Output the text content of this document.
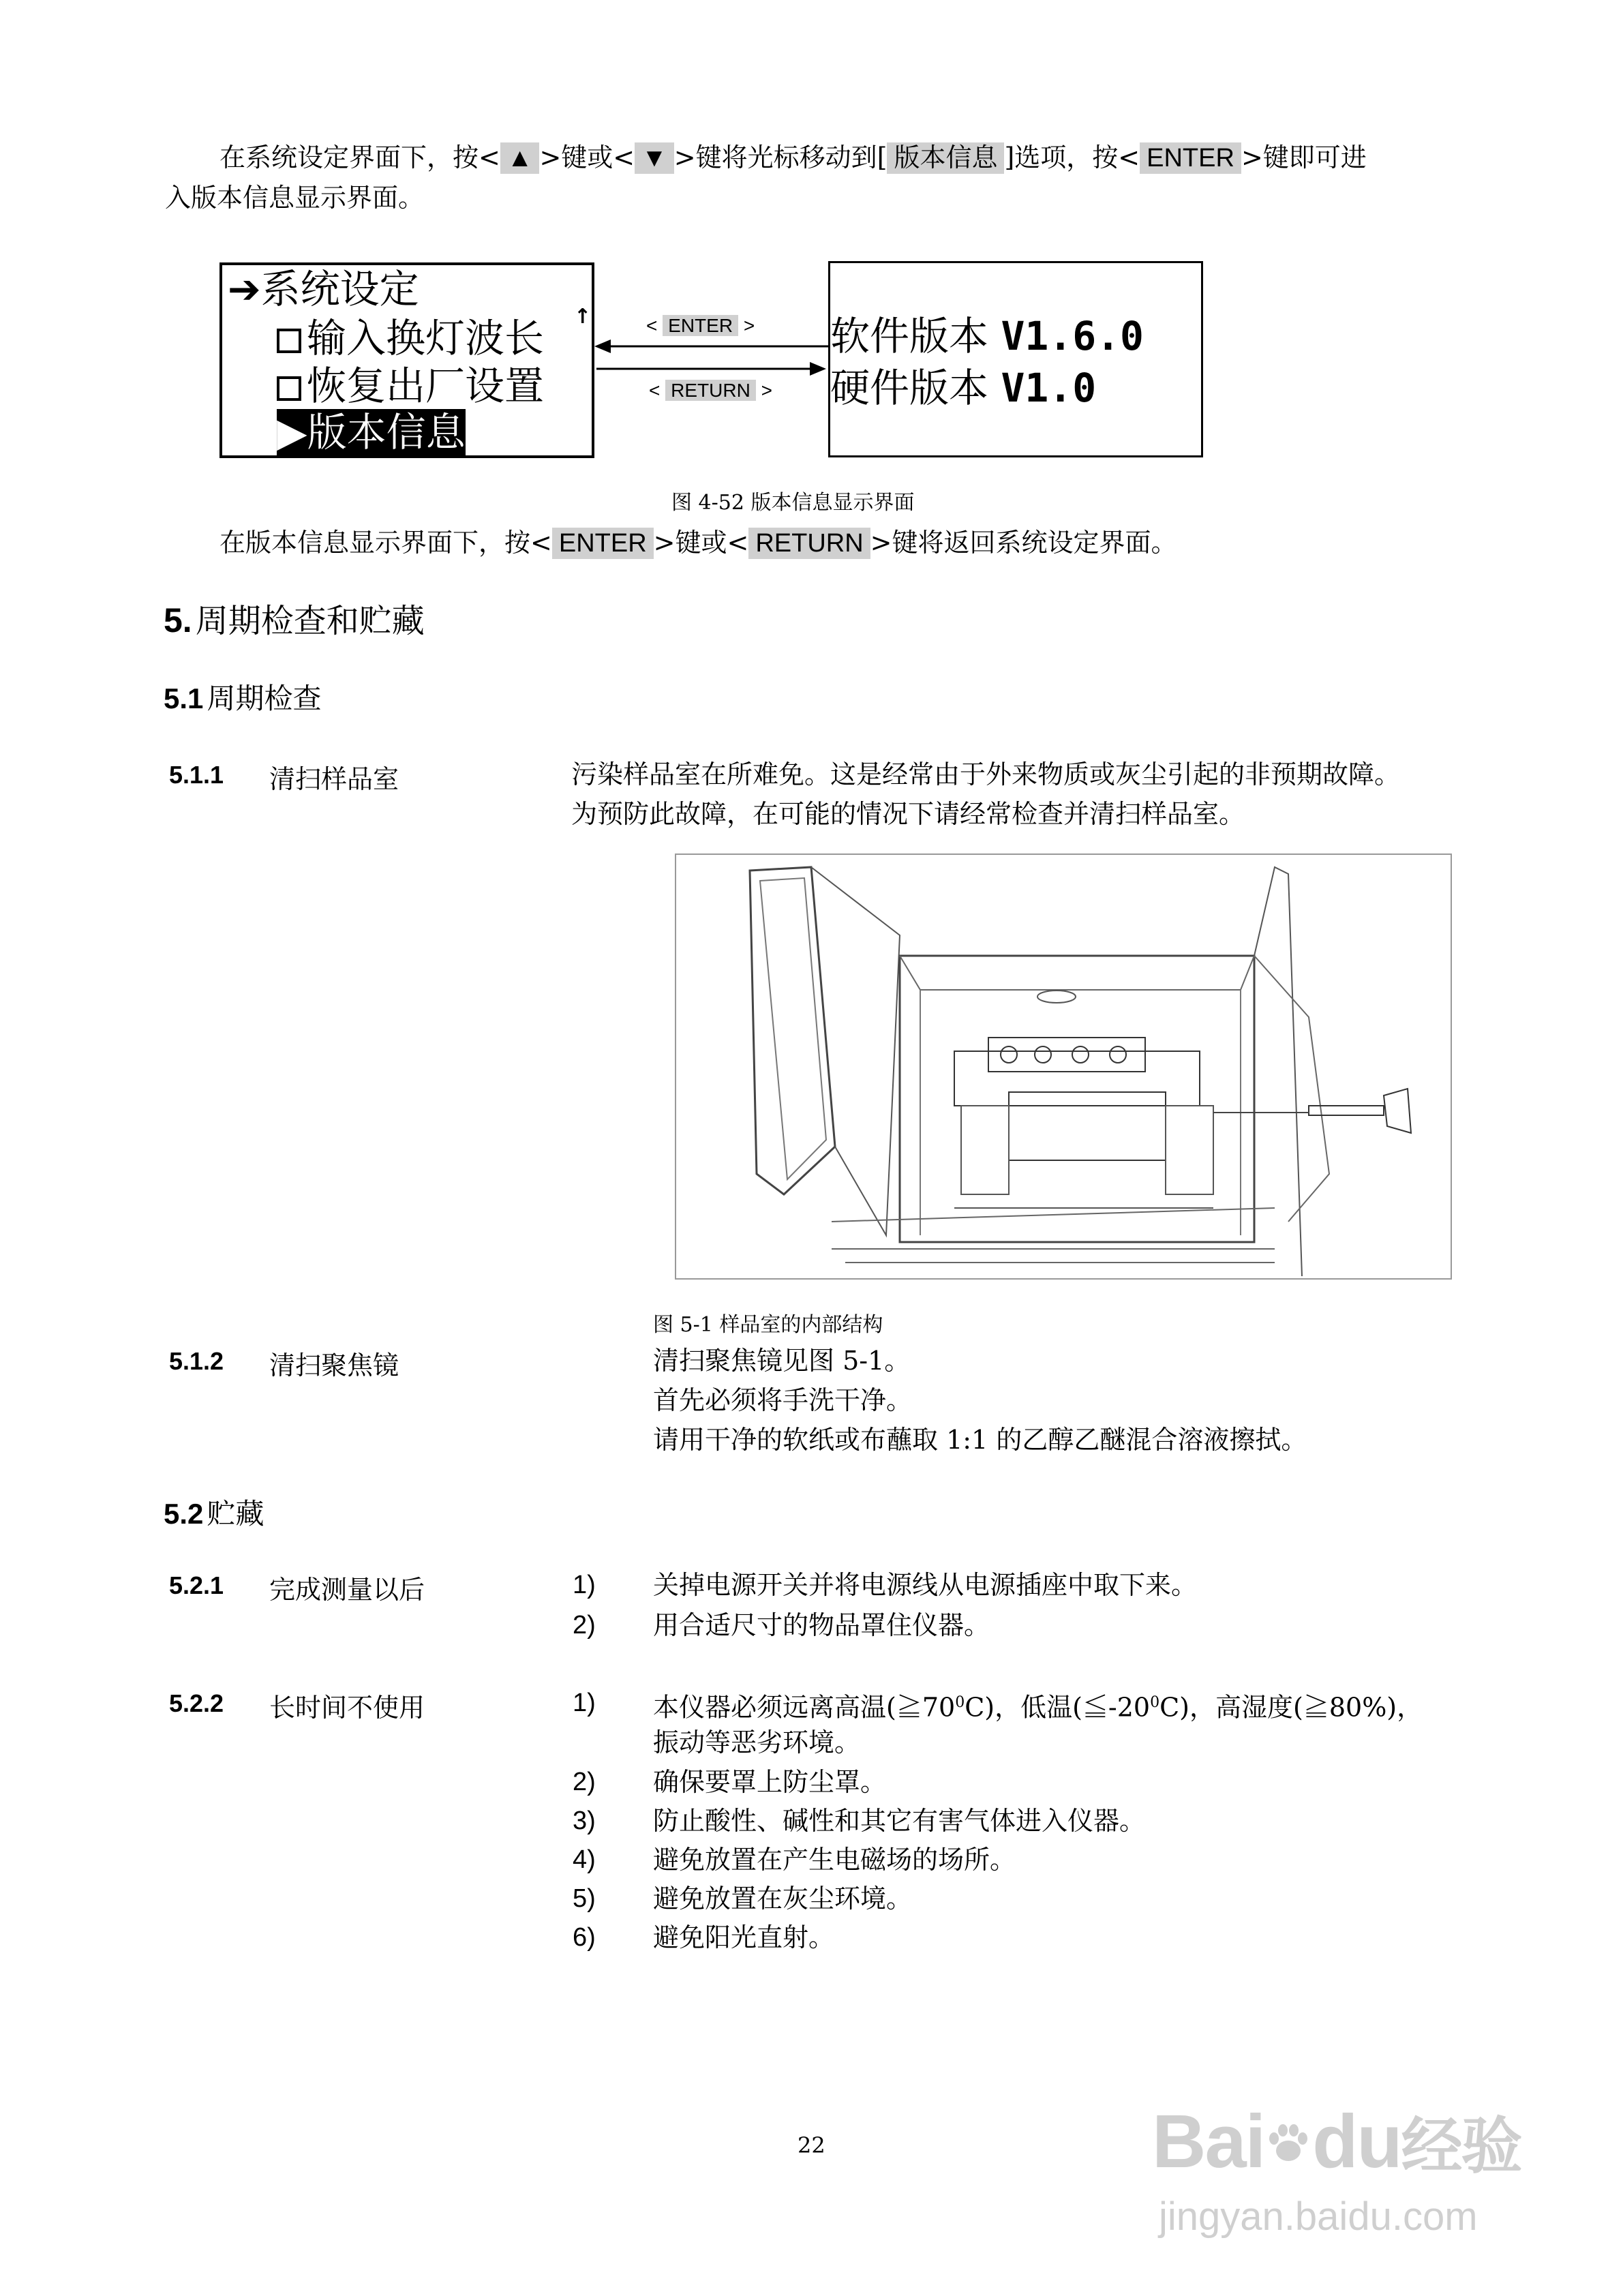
在系统设定界面下，按< ▲ >键或< ▼ >键将光标移动到[ 版本信息 ]选项，按< ENTER >键即可进
入版本信息显示界面。
➔系统设定
输入换灯波长
恢复出厂设置
▶版本信息
↑	< ENTER >
< RETURN >
软件版本 V1.6.0
硬件版本 V1.0
图 4-52 版本信息显示界面
在版本信息显示界面下，按< ENTER >键或< RETURN >键将返回系统设定界面。
5. 周期检查和贮藏
5.1 周期检查
5.1.1 清扫样品室	污染样品室在所难免。这是经常由于外来物质或灰尘引起的非预期故障。
为预防此故障，在可能的情况下请经常检查并清扫样品室。
图 5-1 样品室的内部结构
5.1.2 清扫聚焦镜	清扫聚焦镜见图 5-1。
首先必须将手洗干净。
请用干净的软纸或布蘸取 1:1 的乙醇乙醚混合溶液擦拭。
5.2 贮藏
5.2.1 完成测量以后	1) 关掉电源开关并将电源线从电源插座中取下来。
2) 用合适尺寸的物品罩住仪器。
5.2.2 长时间不使用	1) 本仪器必须远离高温$(≧70^0C)$，低温$(≦-20^0C)$，高湿度(≧80%)，
振动等恶劣环境。
2) 确保要罩上防尘罩。
3) 防止酸性、碱性和其它有害气体进入仪器。
4) 避免放置在产生电磁场的场所。
5) 避免放置在灰尘环境。
6) 避免阳光直射。
22	Bai du经验
jingyan.baidu.com
